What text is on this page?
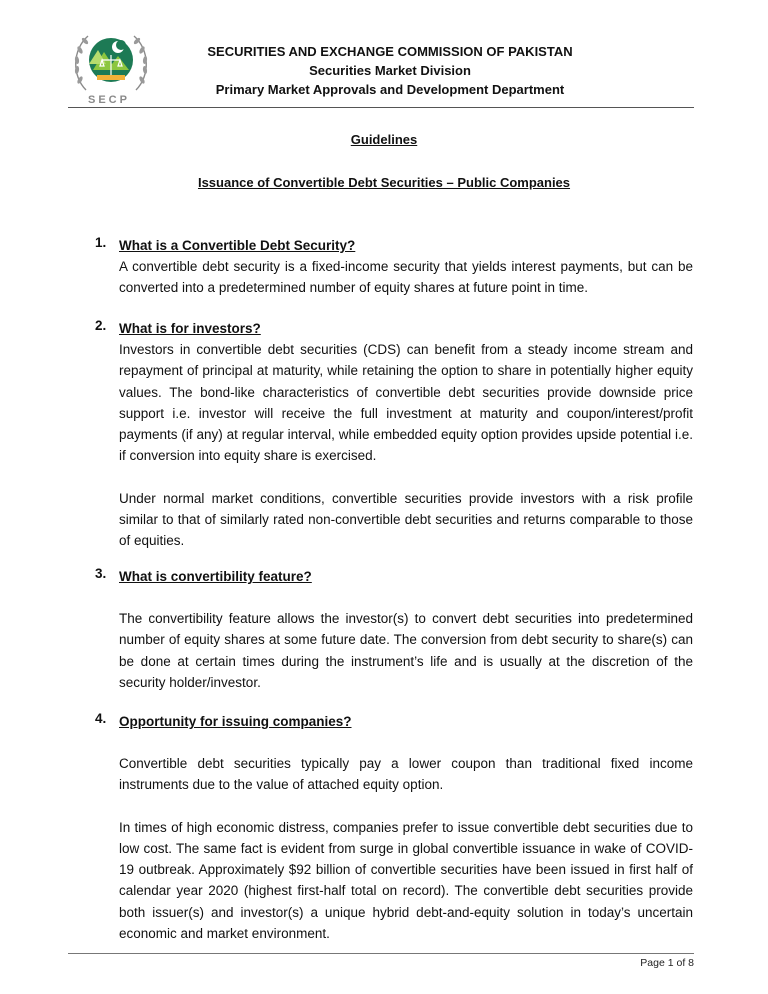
SECP
SECURITIES AND EXCHANGE COMMISSION OF PAKISTAN
Securities Market Division
Primary Market Approvals and Development Department
Guidelines
Issuance of Convertible Debt Securities – Public Companies
1. What is a Convertible Debt Security?
A convertible debt security is a fixed-income security that yields interest payments, but can be converted into a predetermined number of equity shares at future point in time.
2. What is for investors?
Investors in convertible debt securities (CDS) can benefit from a steady income stream and repayment of principal at maturity, while retaining the option to share in potentially higher equity values. The bond-like characteristics of convertible debt securities provide downside price support i.e. investor will receive the full investment at maturity and coupon/interest/profit payments (if any) at regular interval, while embedded equity option provides upside potential i.e. if conversion into equity share is exercised.
Under normal market conditions, convertible securities provide investors with a risk profile similar to that of similarly rated non-convertible debt securities and returns comparable to those of equities.
3. What is convertibility feature?
The convertibility feature allows the investor(s) to convert debt securities into predetermined number of equity shares at some future date. The conversion from debt security to share(s) can be done at certain times during the instrument’s life and is usually at the discretion of the security holder/investor.
4. Opportunity for issuing companies?
Convertible debt securities typically pay a lower coupon than traditional fixed income instruments due to the value of attached equity option.
In times of high economic distress, companies prefer to issue convertible debt securities due to low cost. The same fact is evident from surge in global convertible issuance in wake of COVID-19 outbreak. Approximately $92 billion of convertible securities have been issued in first half of calendar year 2020 (highest first-half total on record). The convertible debt securities provide both issuer(s) and investor(s) a unique hybrid debt-and-equity solution in today’s uncertain economic and market environment.
Page 1 of 8
